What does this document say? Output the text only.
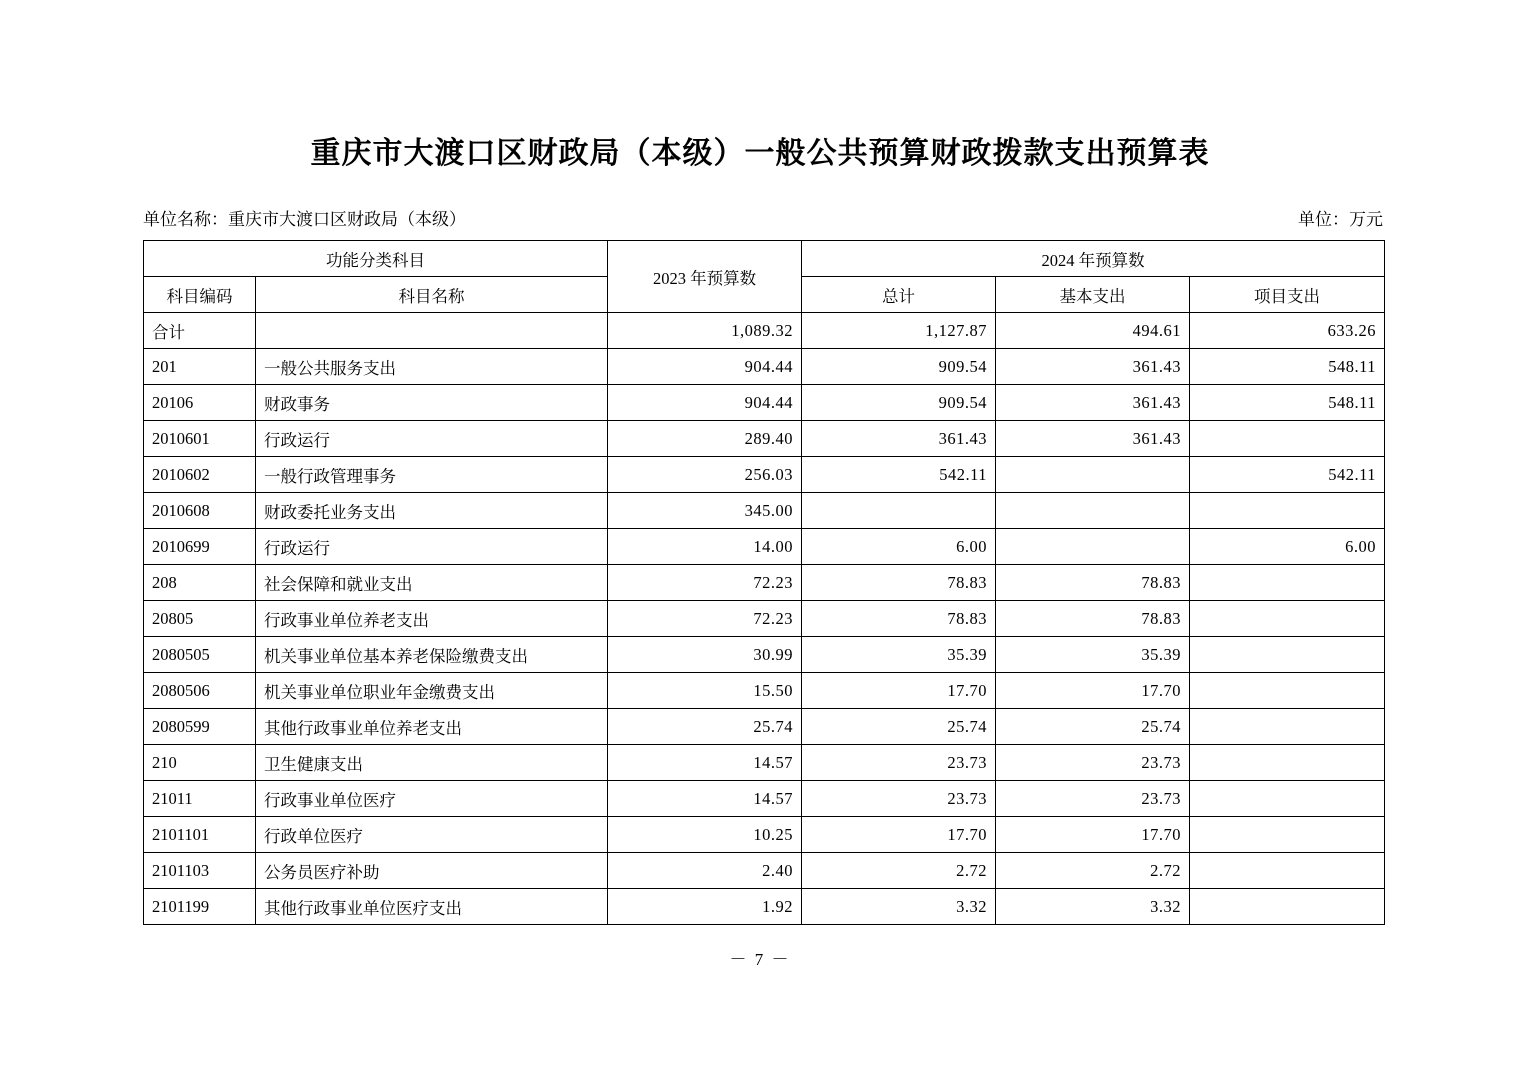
重庆市大渡口区财政局（本级）一般公共预算财政拨款支出预算表
单位名称：重庆市大渡口区财政局（本级）	单位：万元
功能分类科目		2023 年预算数	2024 年预算数		
科目编码	科目名称		总计	基本支出	项目支出
合计		1,089.32	1,127.87	494.61	633.26
201	一般公共服务支出	904.44	909.54	361.43	548.11
20106	财政事务	904.44	909.54	361.43	548.11
2010601	行政运行	289.40	361.43	361.43	
2010602	一般行政管理事务	256.03	542.11		542.11
2010608	财政委托业务支出	345.00			
2010699	行政运行	14.00	6.00		6.00
208	社会保障和就业支出	72.23	78.83	78.83	
20805	行政事业单位养老支出	72.23	78.83	78.83	
2080505	机关事业单位基本养老保险缴费支出	30.99	35.39	35.39	
2080506	机关事业单位职业年金缴费支出	15.50	17.70	17.70	
2080599	其他行政事业单位养老支出	25.74	25.74	25.74	
210	卫生健康支出	14.57	23.73	23.73	
21011	行政事业单位医疗	14.57	23.73	23.73	
2101101	行政单位医疗	10.25	17.70	17.70	
2101103	公务员医疗补助	2.40	2.72	2.72	
2101199	其他行政事业单位医疗支出	1.92	3.32	3.32	
－ 7 －
